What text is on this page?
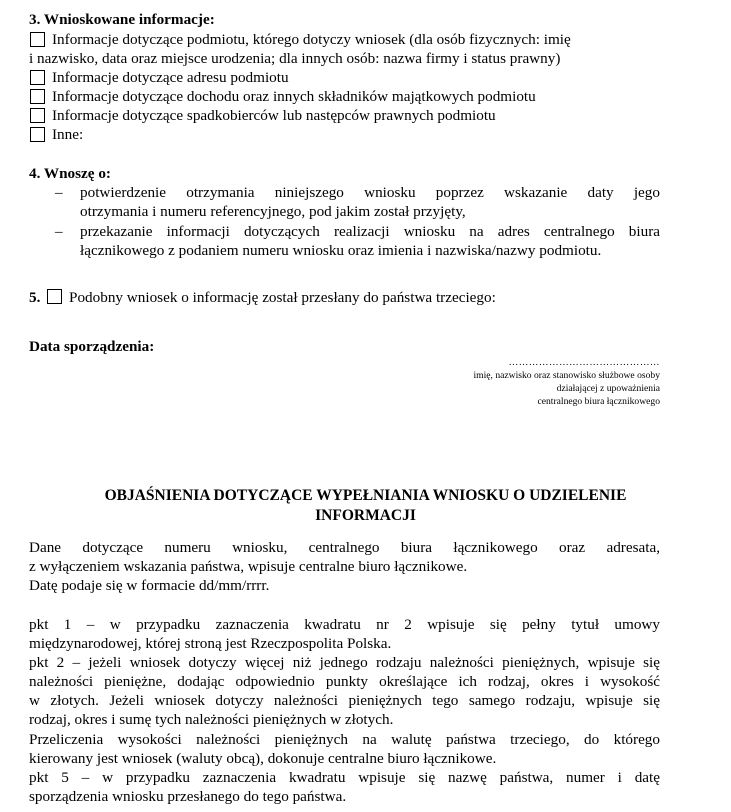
3. Wnioskowane informacje:
Informacje dotyczące podmiotu, którego dotyczy wniosek (dla osób fizycznych: imię
i nazwisko, data oraz miejsce urodzenia; dla innych osób: nazwa firmy i status prawny)
Informacje dotyczące adresu podmiotu
Informacje dotyczące dochodu oraz innych składników majątkowych podmiotu
Informacje dotyczące spadkobierców lub następców prawnych podmiotu
Inne:
4. Wnoszę o:
– potwierdzenie otrzymania niniejszego wniosku poprzez wskazanie daty jego
otrzymania i numeru referencyjnego, pod jakim został przyjęty,
– przekazanie informacji dotyczących realizacji wniosku na adres centralnego biura
łącznikowego z podaniem numeru wniosku oraz imienia i nazwiska/nazwy podmiotu.
5. Podobny wniosek o informację został przesłany do państwa trzeciego:
Data sporządzenia:
………………………………………
imię, nazwisko oraz stanowisko służbowe osoby
działającej z upoważnienia
centralnego biura łącznikowego
OBJAŚNIENIA DOTYCZĄCE WYPEŁNIANIA WNIOSKU O UDZIELENIE
INFORMACJI
Dane dotyczące numeru wniosku, centralnego biura łącznikowego oraz adresata,
z wyłączeniem wskazania państwa, wpisuje centralne biuro łącznikowe.
Datę podaje się w formacie dd/mm/rrrr.
pkt 1 – w przypadku zaznaczenia kwadratu nr 2 wpisuje się pełny tytuł umowy
międzynarodowej, której stroną jest Rzeczpospolita Polska.
pkt 2 – jeżeli wniosek dotyczy więcej niż jednego rodzaju należności pieniężnych, wpisuje się
należności pieniężne, dodając odpowiednio punkty określające ich rodzaj, okres i wysokość
w złotych. Jeżeli wniosek dotyczy należności pieniężnych tego samego rodzaju, wpisuje się
rodzaj, okres i sumę tych należności pieniężnych w złotych.
Przeliczenia wysokości należności pieniężnych na walutę państwa trzeciego, do którego
kierowany jest wniosek (waluty obcą), dokonuje centralne biuro łącznikowe.
pkt 5 – w przypadku zaznaczenia kwadratu wpisuje się nazwę państwa, numer i datę
sporządzenia wniosku przesłanego do tego państwa.
